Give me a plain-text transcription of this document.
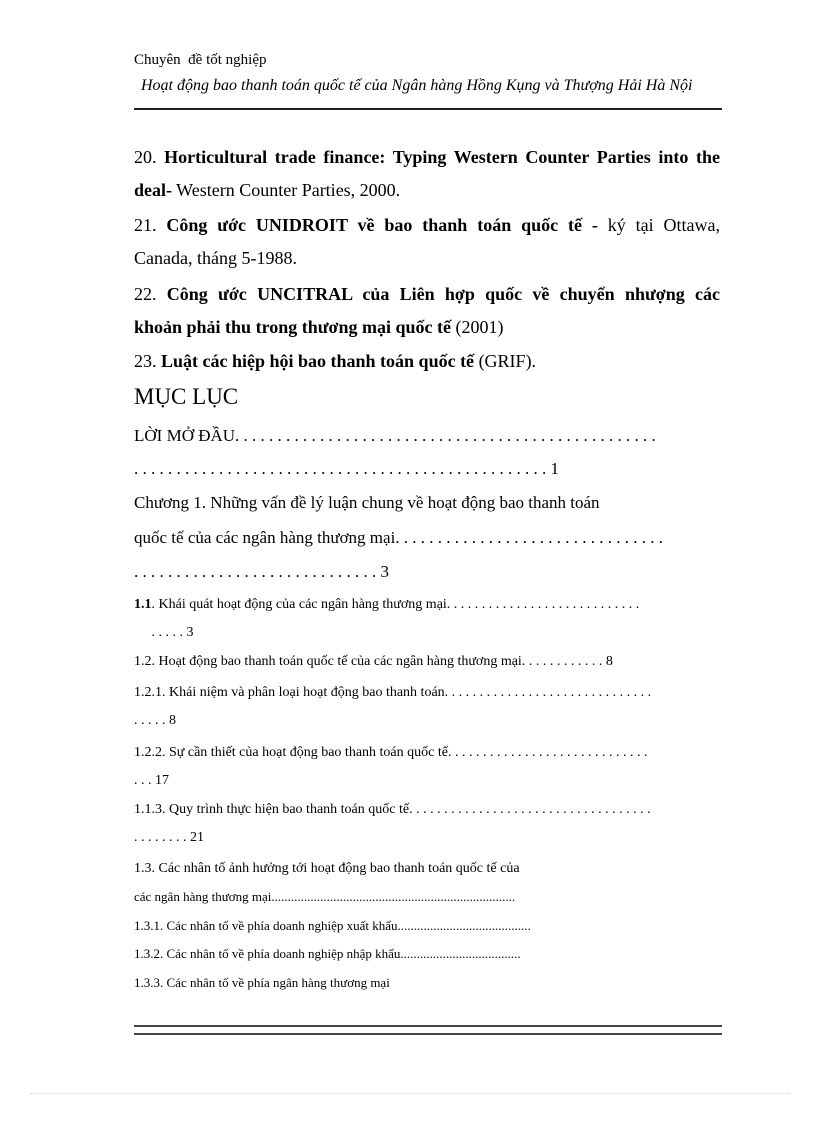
Chuyên  đề tốt nghiệp
Hoạt động bao thanh toán quốc tế của Ngân hàng Hồng Kụng và Thượng Hải Hà Nội
20. Horticultural trade finance: Typing Western Counter Parties into the
deal- Western Counter Parties, 2000.
21. Công ước UNIDROIT về bao thanh toán quốc tế - ký tại Ottawa,
Canada, tháng 5-1988.
22. Công ước UNCITRAL của Liên hợp quốc về chuyển nhượng các
khoản phải thu trong thương mại quốc tế (2001)
23. Luật các hiệp hội bao thanh toán quốc tế (GRIF).
MỤC LỤC
LỜI MỞ ĐẦU. . . . . . . . . . . . . . . . . . . . . . . . . . . . . . . . . . . . . . . . . . . . . . . . . .
. . . . . . . . . . . . . . . . . . . . . . . . . . . . . . . . . . . . . . . . . . . . . . . . . 1
Chương 1. Những vấn đề lý luận chung về hoạt động bao thanh toán
quốc tế của các ngân hàng thương mại. . . . . . . . . . . . . . . . . . . . . . . . . . . . . . . .
. . . . . . . . . . . . . . . . . . . . . . . . . . . . . 3
1.1. Khái quát hoạt động của các ngân hàng thương mại. . . . . . . . . . . . . . . . . . . . . . . . . . . .
. . . . . 3
1.2. Hoạt động bao thanh toán quốc tế của các ngân hàng thương mại. . . . . . . . . . . . 8
1.2.1. Khái niệm và phân loại hoạt động bao thanh toán. . . . . . . . . . . . . . . . . . . . . . . . . . . . . .
. . . . . 8
1.2.2. Sự cần thiết của hoạt động bao thanh toán quốc tế. . . . . . . . . . . . . . . . . . . . . . . . . . . . .
. . . 17
1.1.3. Quy trình thực hiện bao thanh toán quốc tế. . . . . . . . . . . . . . . . . . . . . . . . . . . . . . . . . . .
. . . . . . . . 21
1.3. Các nhân tố ảnh hưởng tới hoạt động bao thanh toán quốc tế của
các ngân hàng thương mại...........................................................................
1.3.1. Các nhân tố về phía doanh nghiệp xuất khẩu.........................................
1.3.2. Các nhân tố về phía doanh nghiệp nhập khẩu.....................................
1.3.3. Các nhân tố về phía ngân hàng thương mại
